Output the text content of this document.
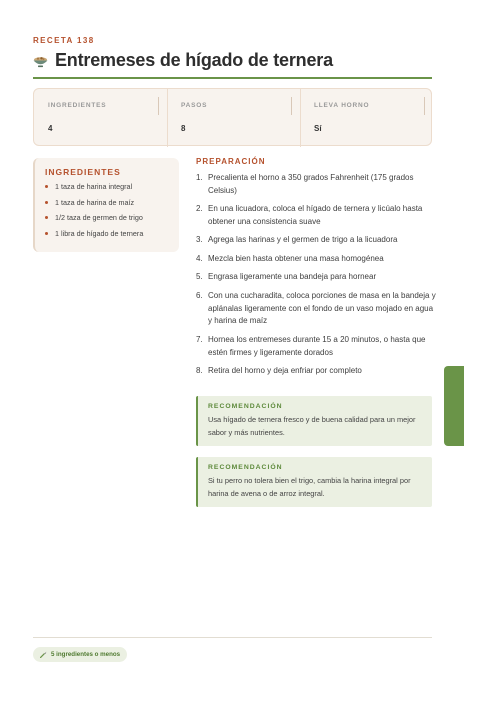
RECETA 138
Entremeses de hígado de ternera
INGREDIENTES
4
PASOS
8
LLEVA HORNO
Sí
INGREDIENTES
1 taza de harina integral
1 taza de harina de maíz
1/2 taza de germen de trigo
1 libra de hígado de ternera
PREPARACIÓN
1. Precalienta el horno a 350 grados Fahrenheit (175 grados Celsius)
2. En una licuadora, coloca el hígado de ternera y licúalo hasta obtener una consistencia suave
3. Agrega las harinas y el germen de trigo a la licuadora
4. Mezcla bien hasta obtener una masa homogénea
5. Engrasa ligeramente una bandeja para hornear
6. Con una cucharadita, coloca porciones de masa en la bandeja y aplánalas ligeramente con el fondo de un vaso mojado en agua y harina de maíz
7. Hornea los entremeses durante 15 a 20 minutos, o hasta que estén firmes y ligeramente dorados
8. Retira del horno y deja enfriar por completo
RECOMENDACIÓN
Usa hígado de ternera fresco y de buena calidad para un mejor sabor y más nutrientes.
RECOMENDACIÓN
Si tu perro no tolera bien el trigo, cambia la harina integral por harina de avena o de arroz integral.
5 ingredientes o menos
